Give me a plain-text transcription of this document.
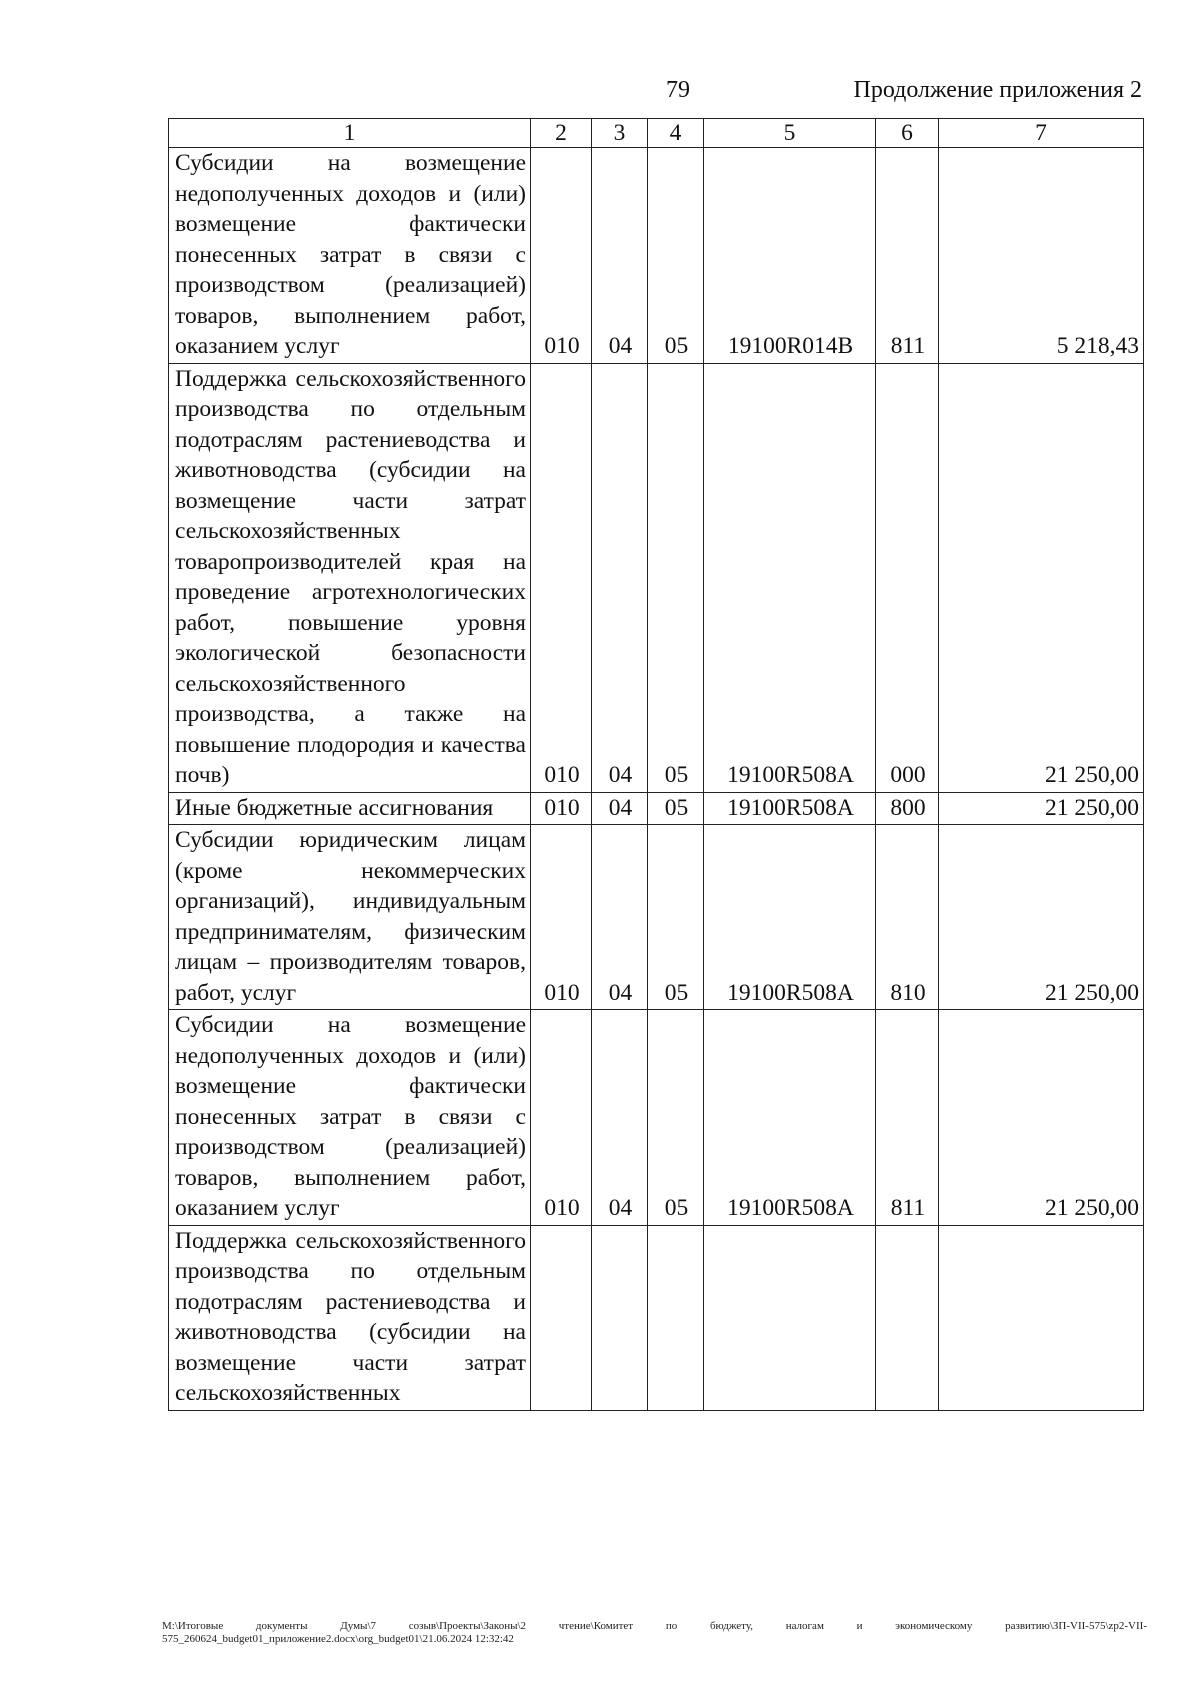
79	Продолжение приложения 2
1	2	3	4	5	6	7
Субсидии на возмещение недополученных доходов и (или) возмещение фактически понесенных затрат в связи с производством (реализацией) товаров, выполнением работ, оказанием услуг	010	04	05	19100R014B	811	5 218,43
Поддержка сельскохозяйственного производства по отдельным подотраслям растениеводства и животноводства (субсидии на возмещение части затрат сельскохозяйственных товаропроизводителей края на проведение агротехнологических работ, повышение уровня экологической безопасности сельскохозяйственного производства, а также на повышение плодородия и качества почв)	010	04	05	19100R508A	000	21 250,00
Иные бюджетные ассигнования	010	04	05	19100R508A	800	21 250,00
Субсидии юридическим лицам (кроме некоммерческих организаций), индивидуальным предпринимателям, физическим лицам – производителям товаров, работ, услуг	010	04	05	19100R508A	810	21 250,00
Субсидии на возмещение недополученных доходов и (или) возмещение фактически понесенных затрат в связи с производством (реализацией) товаров, выполнением работ, оказанием услуг	010	04	05	19100R508A	811	21 250,00
Поддержка сельскохозяйственного производства по отдельным подотраслям растениеводства и животноводства (субсидии на возмещение части затрат сельскохозяйственных						
M:\Итоговые документы Думы\7 созыв\Проекты\Законы\2 чтение\Комитет по бюджету, налогам и экономическому развитию\ЗП-VII-575\zp2-VII-575_260624_budget01_приложение2.docx\org_budget01\21.06.2024 12:32:42
